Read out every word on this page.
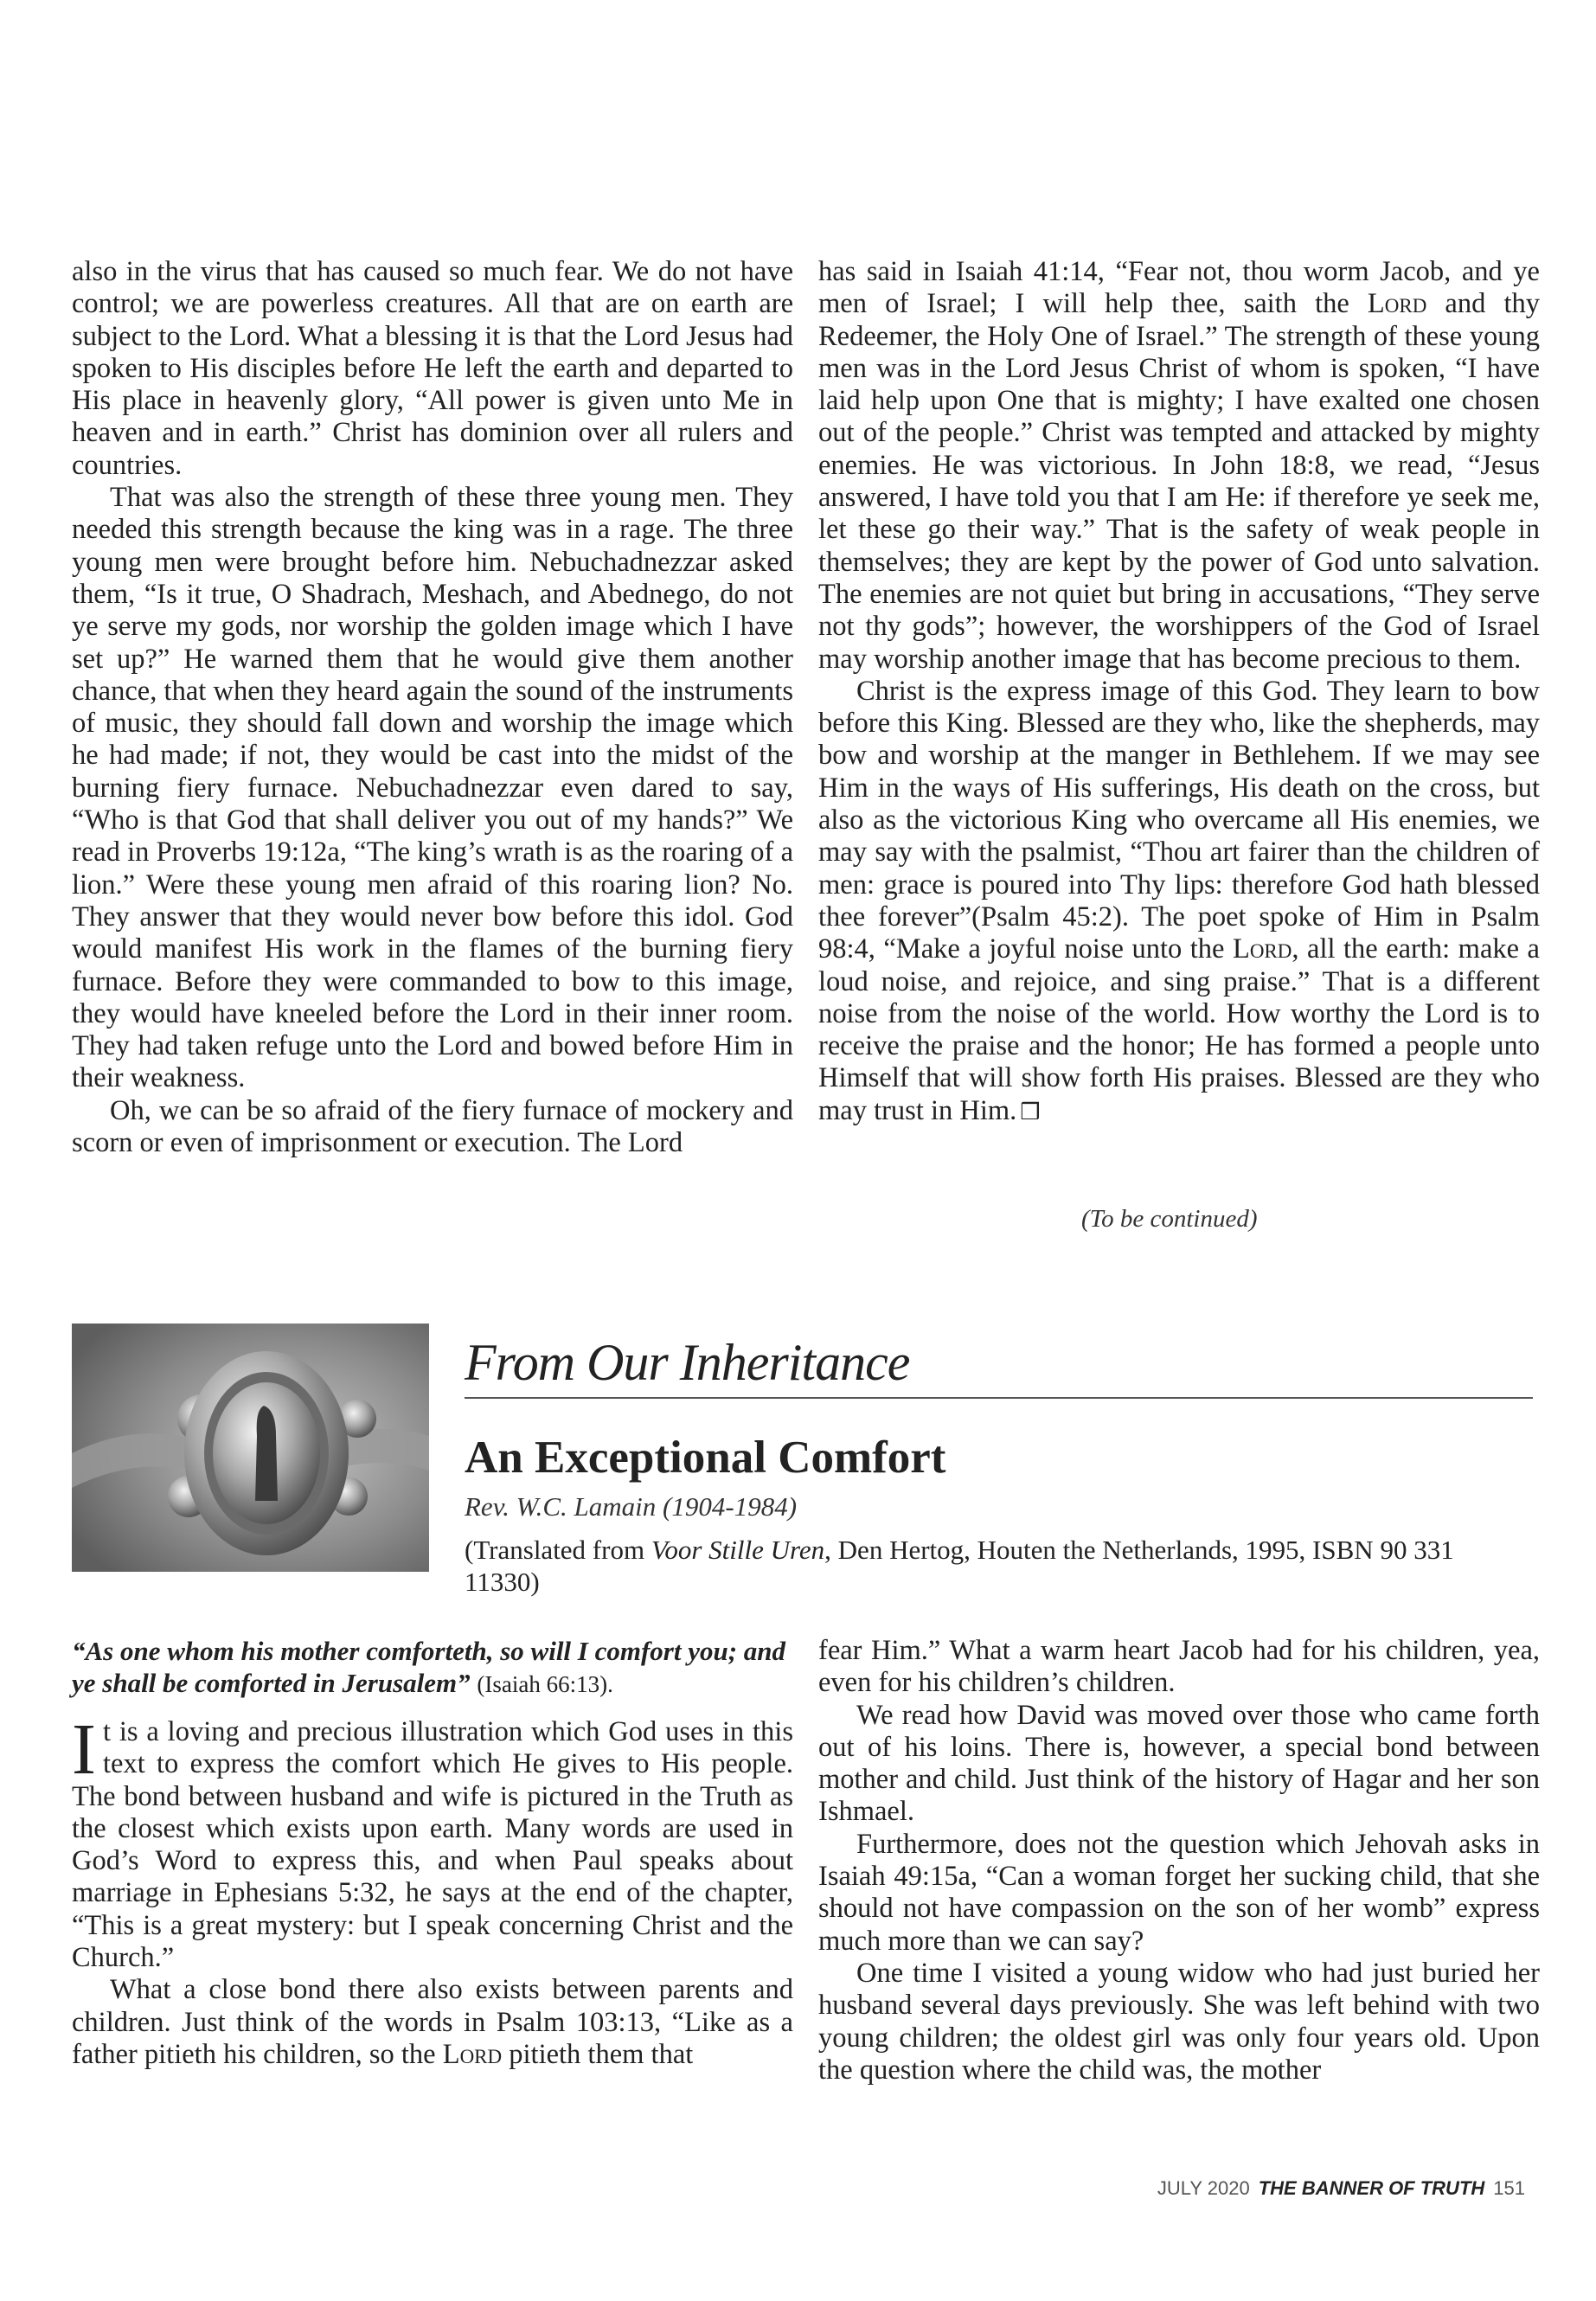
also in the virus that has caused so much fear. We do not have control; we are powerless creatures. All that are on earth are subject to the Lord. What a blessing it is that the Lord Jesus had spoken to His disciples before He left the earth and departed to His place in heavenly glory, “All power is given unto Me in heaven and in earth.” Christ has dominion over all rulers and countries.

That was also the strength of these three young men. They needed this strength because the king was in a rage. The three young men were brought before him. Nebuchadnezzar asked them, “Is it true, O Shadrach, Meshach, and Abednego, do not ye serve my gods, nor worship the golden image which I have set up?” He warned them that he would give them another chance, that when they heard again the sound of the instruments of music, they should fall down and worship the image which he had made; if not, they would be cast into the midst of the burning fiery furnace. Nebuchadnezzar even dared to say, “Who is that God that shall deliver you out of my hands?” We read in Proverbs 19:12a, “The king’s wrath is as the roaring of a lion.” Were these young men afraid of this roaring lion? No. They answer that they would never bow before this idol. God would manifest His work in the flames of the burning fiery furnace. Before they were commanded to bow to this image, they would have kneeled before the Lord in their inner room. They had taken refuge unto the Lord and bowed before Him in their weakness.

Oh, we can be so afraid of the fiery furnace of mockery and scorn or even of imprisonment or execution. The Lord

has said in Isaiah 41:14, “Fear not, thou worm Jacob, and ye men of Israel; I will help thee, saith the Lord and thy Redeemer, the Holy One of Israel.” The strength of these young men was in the Lord Jesus Christ of whom is spoken, “I have laid help upon One that is mighty; I have exalted one chosen out of the people.” Christ was tempted and attacked by mighty enemies. He was victorious. In John 18:8, we read, “Jesus answered, I have told you that I am He: if therefore ye seek me, let these go their way.” That is the safety of weak people in themselves; they are kept by the power of God unto salvation. The enemies are not quiet but bring in accusations, “They serve not thy gods”; however, the worshippers of the God of Israel may worship another image that has become precious to them.

Christ is the express image of this God. They learn to bow before this King. Blessed are they who, like the shepherds, may bow and worship at the manger in Bethlehem. If we may see Him in the ways of His sufferings, His death on the cross, but also as the victorious King who overcame all His enemies, we may say with the psalmist, “Thou art fairer than the children of men: grace is poured into Thy lips: therefore God hath blessed thee forever”(Psalm 45:2). The poet spoke of Him in Psalm 98:4, “Make a joyful noise unto the Lord, all the earth: make a loud noise, and rejoice, and sing praise.” That is a different noise from the noise of the world. How worthy the Lord is to receive the praise and the honor; He has formed a people unto Himself that will show forth His praises. Blessed are they who may trust in Him. ❒

(To be continued)
From Our Inheritance
An Exceptional Comfort
Rev. W.C. Lamain (1904-1984)
(Translated from Voor Stille Uren, Den Hertog, Houten the Netherlands, 1995, ISBN 90 331 11330)

“As one whom his mother comforteth, so will I comfort you; and ye shall be comforted in Jerusalem” (Isaiah 66:13).

It is a loving and precious illustration which God uses in this text to express the comfort which He gives to His people. The bond between husband and wife is pictured in the Truth as the closest which exists upon earth. Many words are used in God’s Word to express this, and when Paul speaks about marriage in Ephesians 5:32, he says at the end of the chapter, “This is a great mystery: but I speak concerning Christ and the Church.”

What a close bond there also exists between parents and children. Just think of the words in Psalm 103:13, “Like as a father pitieth his children, so the Lord pitieth them that

fear Him.” What a warm heart Jacob had for his children, yea, even for his children’s children.

We read how David was moved over those who came forth out of his loins. There is, however, a special bond between mother and child. Just think of the history of Hagar and her son Ishmael.

Furthermore, does not the question which Jehovah asks in Isaiah 49:15a, “Can a woman forget her sucking child, that she should not have compassion on the son of her womb” express much more than we can say?

One time I visited a young widow who had just buried her husband several days previously. She was left behind with two young children; the oldest girl was only four years old. Upon the question where the child was, the mother

JULY 2020 THE BANNER OF TRUTH 151
